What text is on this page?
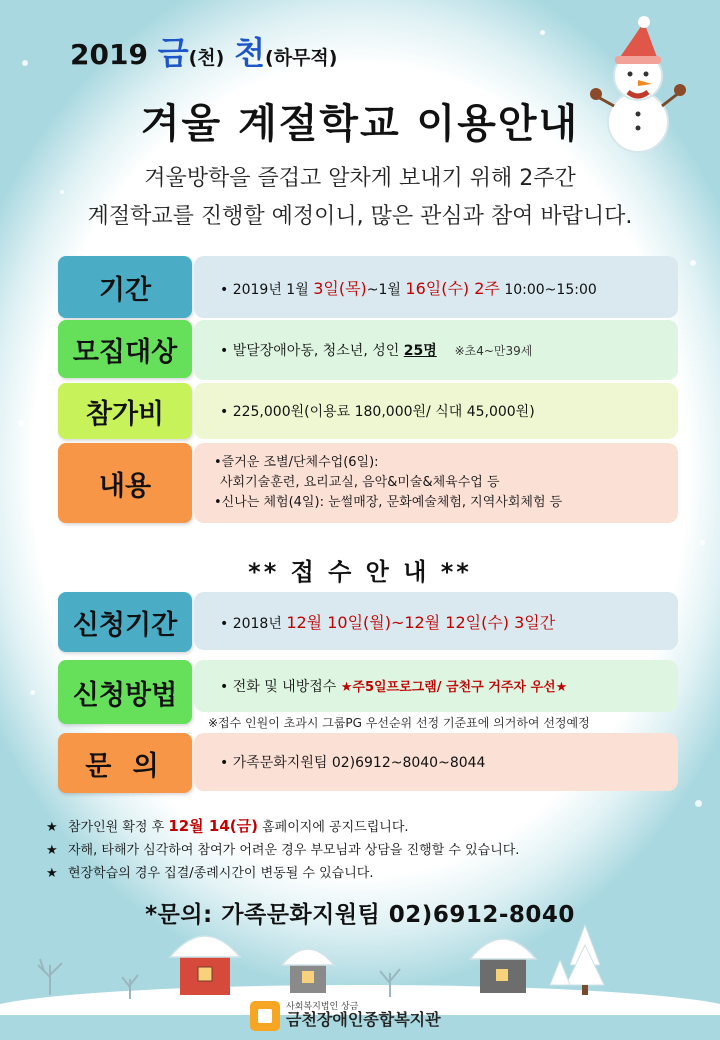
2019 금(천) 천(하무적)
겨울 계절학교 이용안내
겨울방학을 즐겁고 알차게 보내기 위해 2주간
계절학교를 진행할 예정이니, 많은 관심과 참여 바랍니다.
기간	• 2019년 1월 3일(목)~1월 16일(수) 2주 10:00~15:00
모집대상	• 발달장애아동, 청소년, 성인 25명 ※초4~만39세
참가비	• 225,000원(이용료 180,000원/ 식대 45,000원)
내용
•즐거운 조별/단체수업(6일):
사회기술훈련, 요리교실, 음악&미술&체육수업 등
•신나는 체험(4일): 눈썰매장, 문화예술체험, 지역사회체험 등
** 접 수 안 내 **
신청기간	• 2018년 12월 10일(월)~12월 12일(수) 3일간
신청방법	• 전화 및 내방접수 ★주5일프로그램/ 금천구 거주자 우선★
※접수 인원이 초과시 그룹PG 우선순위 선정 기준표에 의거하여 선정예정
문 의	• 가족문화지원팀 02)6912~8040~8044
★ 참가인원 확정 후 12월 14(금) 홈페이지에 공지드립니다.
★ 자해, 타해가 심각하여 참여가 어려운 경우 부모님과 상담을 진행할 수 있습니다.
★ 현장학습의 경우 집결/종례시간이 변동될 수 있습니다.
*문의: 가족문화지원팀 02)6912-8040
사회복지법인 상금
금천장애인종합복지관
